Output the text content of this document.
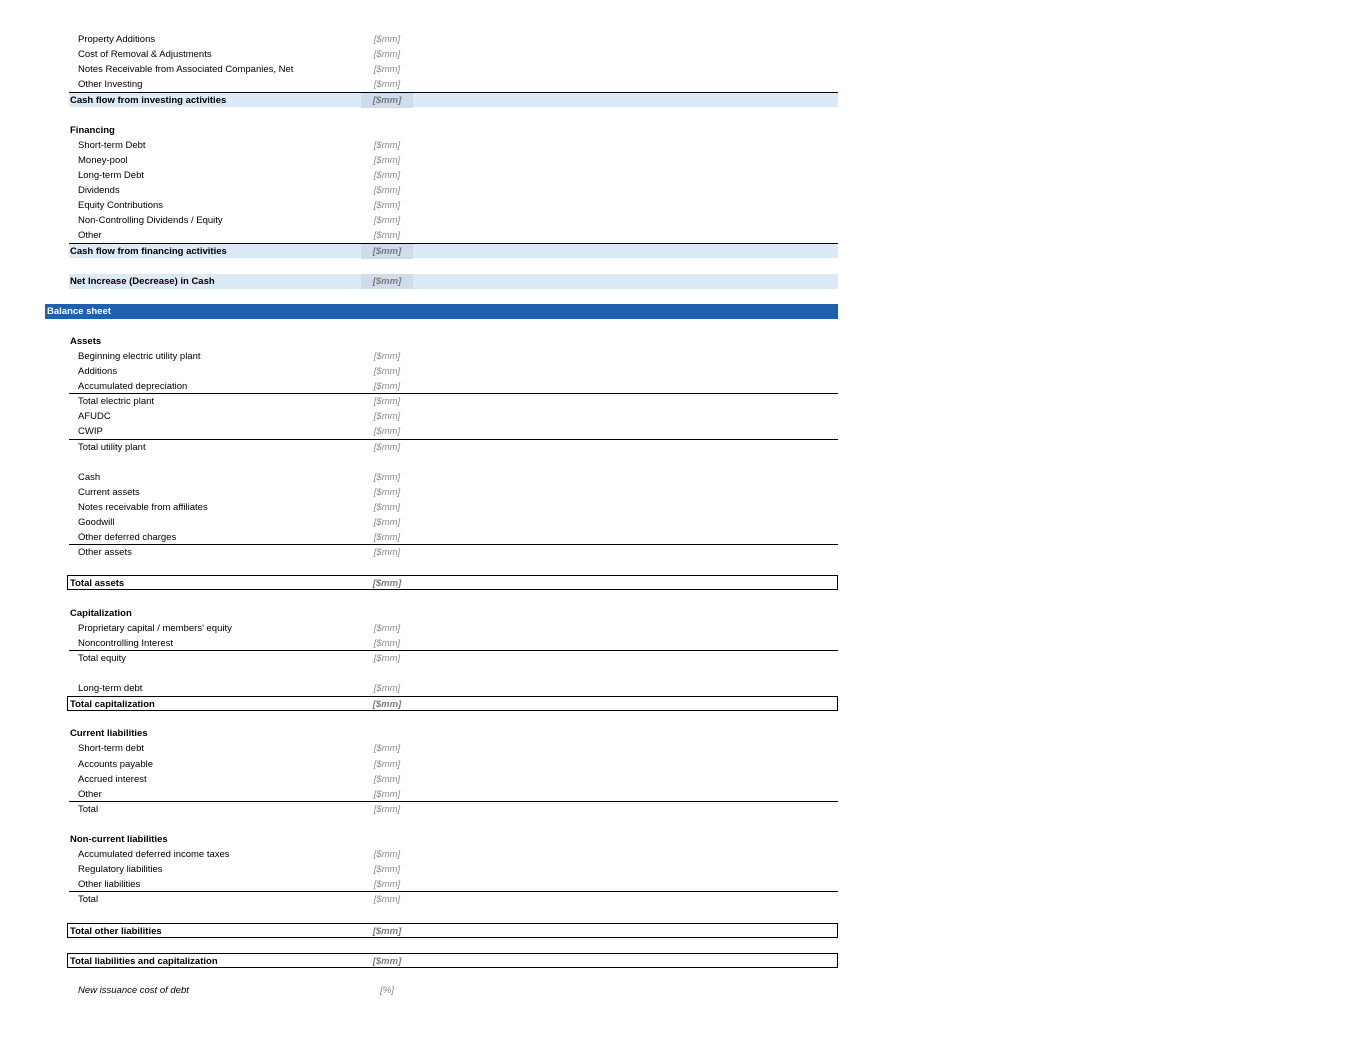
Property Additions	[$mm]
Cost of Removal & Adjustments	[$mm]
Notes Receivable from Associated Companies, Net	[$mm]
Other Investing	[$mm]
Cash flow from investing activities	[$mm]
Financing
Short-term Debt	[$mm]
Money-pool	[$mm]
Long-term Debt	[$mm]
Dividends	[$mm]
Equity Contributions	[$mm]
Non-Controlling Dividends / Equity	[$mm]
Other	[$mm]
Cash flow from financing activities	[$mm]
Net Increase (Decrease) in Cash	[$mm]
Balance sheet
Assets
Beginning electric utility plant	[$mm]
Additions	[$mm]
Accumulated depreciation	[$mm]
Total electric plant	[$mm]
AFUDC	[$mm]
CWIP	[$mm]
Total utility plant	[$mm]
Cash	[$mm]
Current assets	[$mm]
Notes receivable from affiliates	[$mm]
Goodwill	[$mm]
Other deferred charges	[$mm]
Other assets	[$mm]
Total assets	[$mm]
Capitalization
Proprietary capital / members' equity	[$mm]
Noncontrolling Interest	[$mm]
Total equity	[$mm]
Long-term debt	[$mm]
Total capitalization	[$mm]
Current liabilities
Short-term debt	[$mm]
Accounts payable	[$mm]
Accrued interest	[$mm]
Other	[$mm]
Total	[$mm]
Non-current liabilities
Accumulated deferred income taxes	[$mm]
Regulatory liabilities	[$mm]
Other liabilities	[$mm]
Total	[$mm]
Total other liabilities	[$mm]
Total liabilities and capitalization	[$mm]
New issuance cost of debt	[%]
